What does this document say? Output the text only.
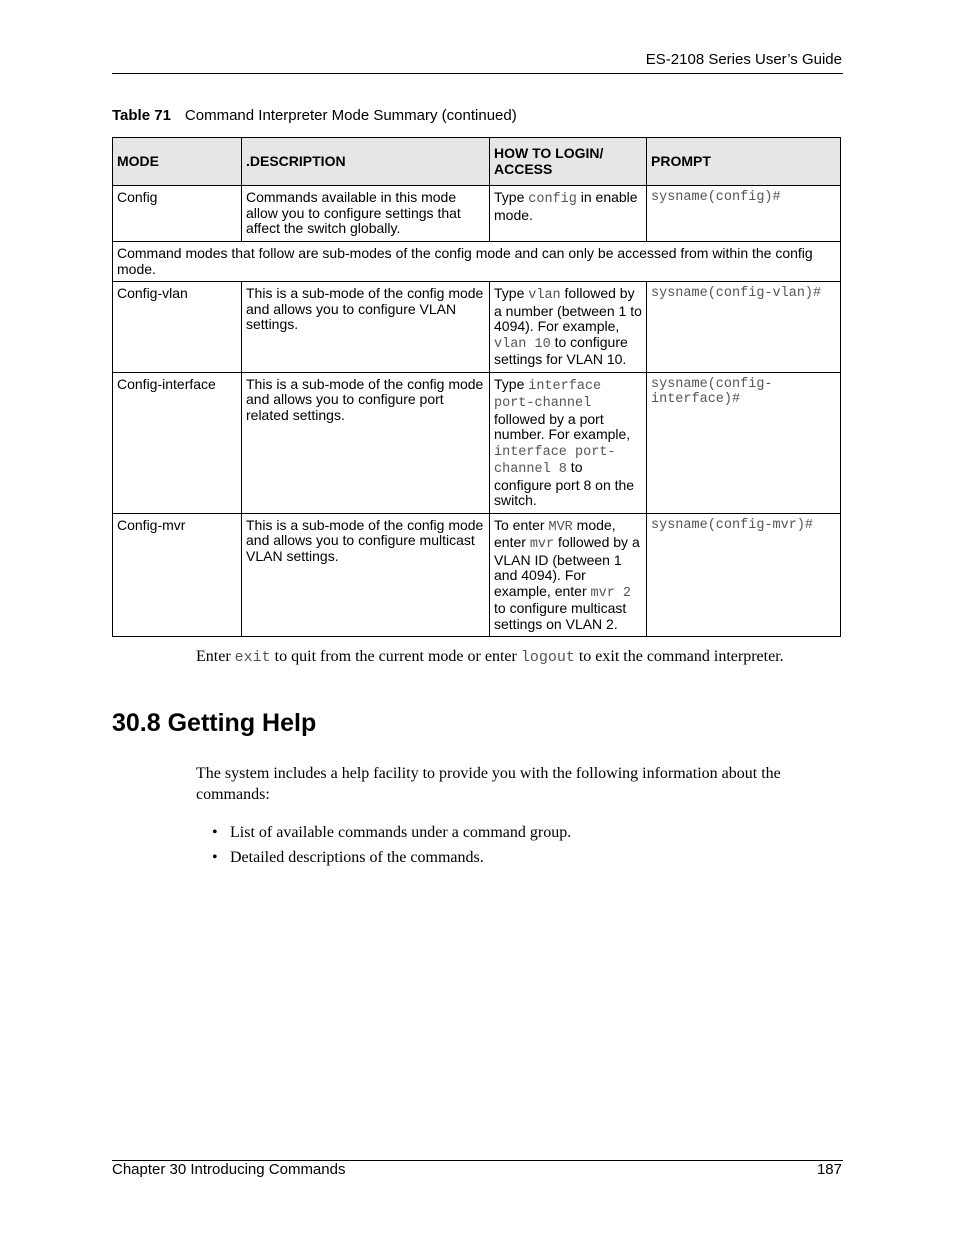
ES-2108 Series User’s Guide
Table 71 Command Interpreter Mode Summary (continued)
MODE	.DESCRIPTION	HOW TO LOGIN/ ACCESS	PROMPT
Config	Commands available in this mode allow you to configure settings that affect the switch globally.	Type config in enable mode.	sysname(config)#
Command modes that follow are sub-modes of the config mode and can only be accessed from within the config mode.			
Config-vlan	This is a sub-mode of the config mode and allows you to configure VLAN settings.	Type vlan followed by a number (between 1 to 4094). For example, vlan 10 to configure settings for VLAN 10.	sysname(config-vlan)#
Config-interface	This is a sub-mode of the config mode and allows you to configure port related settings.	Type interface port-channel followed by a port number. For example, interface port-channel 8 to configure port 8 on the switch.	sysname(config-interface)#
Config-mvr	This is a sub-mode of the config mode and allows you to configure multicast VLAN settings.	To enter MVR mode, enter mvr followed by a VLAN ID (between 1 and 4094). For example, enter mvr 2 to configure multicast settings on VLAN 2.	sysname(config-mvr)#
Enter exit to quit from the current mode or enter logout to exit the command interpreter.
30.8 Getting Help

The system includes a help facility to provide you with the following information about the commands:

• List of available commands under a command group.
• Detailed descriptions of the commands.
Chapter 30 Introducing Commands	187
